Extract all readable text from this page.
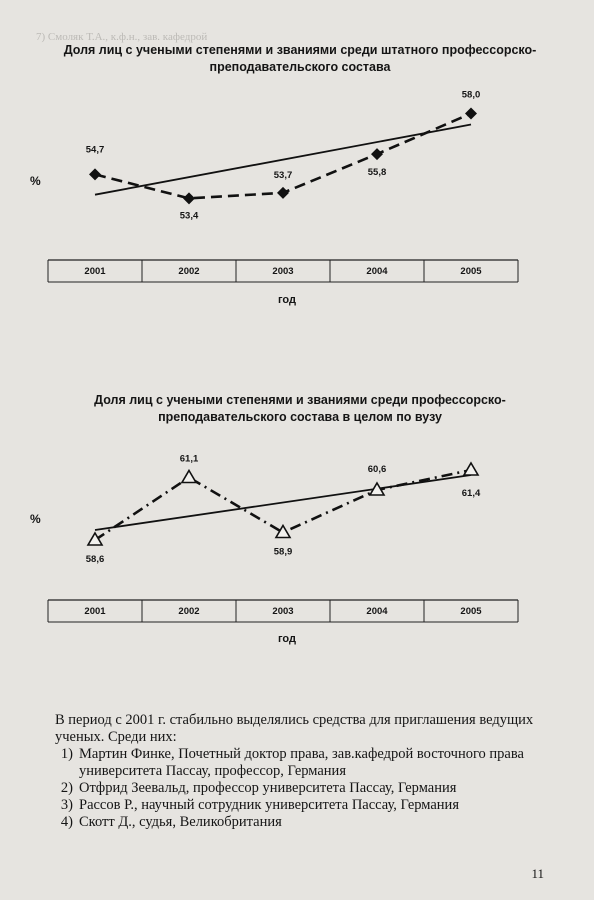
7) Смоляк Т.А., к.ф.н., зав. кафедрой
Доля лиц с учеными степенями и званиями среди штатного профессорско-преподавательского состава
%
2001	2002	2003	2004	2005
54,7
53,4
53,7	55,8
58,0
год
Доля лиц с учеными степенями и званиями среди профессорско-преподавательского состава в целом по вузу
%
2001	2002	2003	2004	2005
58,6
61,1
58,9
60,6
61,4
год

В период с 2001 г. стабильно выделялись средства для приглашения ведущих ученых. Среди них:

1) Мартин Финке, Почетный доктор права, зав.кафедрой восточного права университета Пассау, профессор, Германия
2) Отфрид Зеевальд, профессор университета Пассау, Германия
3) Рассов Р., научный сотрудник университета Пассау, Германия
4) Скотт Д., судья, Великобритания
11
